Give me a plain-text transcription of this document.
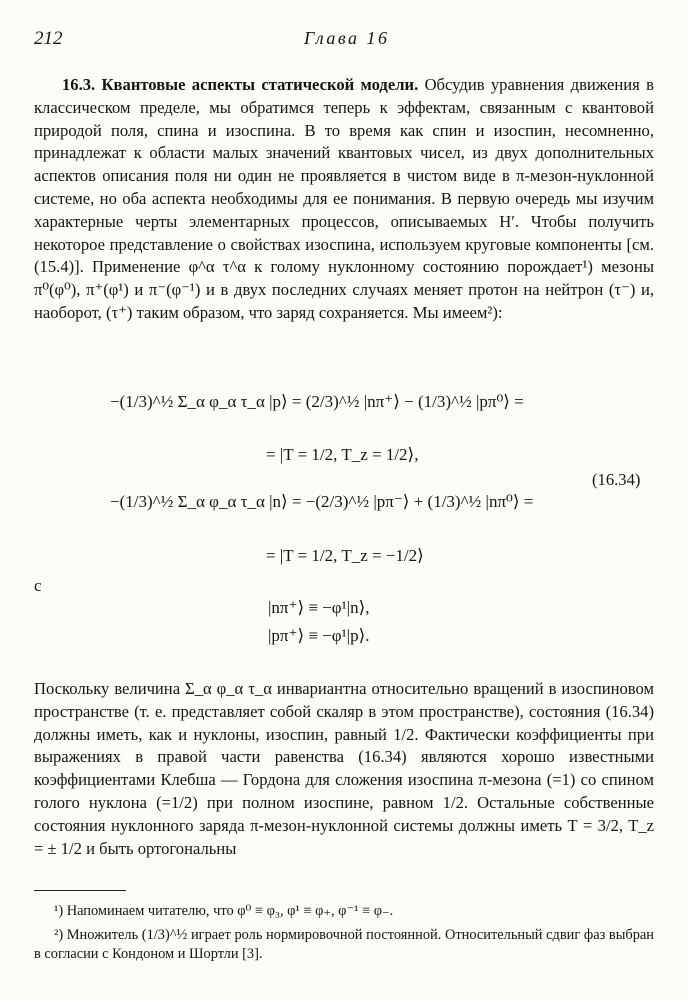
212	Глава 16
16.3. Квантовые аспекты статической модели. Обсудив уравнения движения в классическом пределе, мы обратимся теперь к эффектам, связанным с квантовой природой поля, спина и изоспина. В то время как спин и изоспин, несомненно, принадлежат к области малых значений квантовых чисел, из двух дополнительных аспектов описания поля ни один не проявляется в чистом виде в π-мезон-нуклонной системе, но оба аспекта необходимы для ее понимания. В первую очередь мы изучим характерные черты элементарных процессов, описываемых H′. Чтобы получить некоторое представление о свойствах изоспина, используем круговые компоненты [см. (15.4)]. Применение φ^α τ^α к голому нуклонному состоянию порождает¹) мезоны π⁰(φ⁰), π⁺(φ¹) и π⁻(φ⁻¹) и в двух последних случаях меняет протон на нейтрон (τ⁻) и, наоборот, (τ⁺) таким образом, что заряд сохраняется. Мы имеем²):
−(1/3)^½ Σ_α φ_α τ_α |p⟩ = (2/3)^½ |nπ⁺⟩ − (1/3)^½ |pπ⁰⟩ =
= |T = 1/2, T_z = 1/2⟩,
−(1/3)^½ Σ_α φ_α τ_α |n⟩ = −(2/3)^½ |pπ⁻⟩ + (1/3)^½ |nπ⁰⟩ =
= |T = 1/2, T_z = −1/2⟩
(16.34)
с
|nπ⁺⟩ ≡ −φ¹|n⟩,
|pπ⁺⟩ ≡ −φ¹|p⟩.
Поскольку величина Σ_α φ_α τ_α инвариантна относительно вращений в изоспиновом пространстве (т. е. представляет собой скаляр в этом пространстве), состояния (16.34) должны иметь, как и нуклоны, изоспин, равный 1/2. Фактически коэффициенты при выражениях в правой части равенства (16.34) являются хорошо известными коэффициентами Клебша — Гордона для сложения изоспина π-мезона (=1) со спином голого нуклона (=1/2) при полном изоспине, равном 1/2. Остальные собственные состояния нуклонного заряда π-мезон-нуклонной системы должны иметь T = 3/2, T_z = ± 1/2 и быть ортогональны
¹) Напоминаем читателю, что φ⁰ ≡ φ₃, φ¹ ≡ φ₊, φ⁻¹ ≡ φ₋.
²) Множитель (1/3)^½ играет роль нормировочной постоянной. Относительный сдвиг фаз выбран в согласии с Кондоном и Шортли [3].
